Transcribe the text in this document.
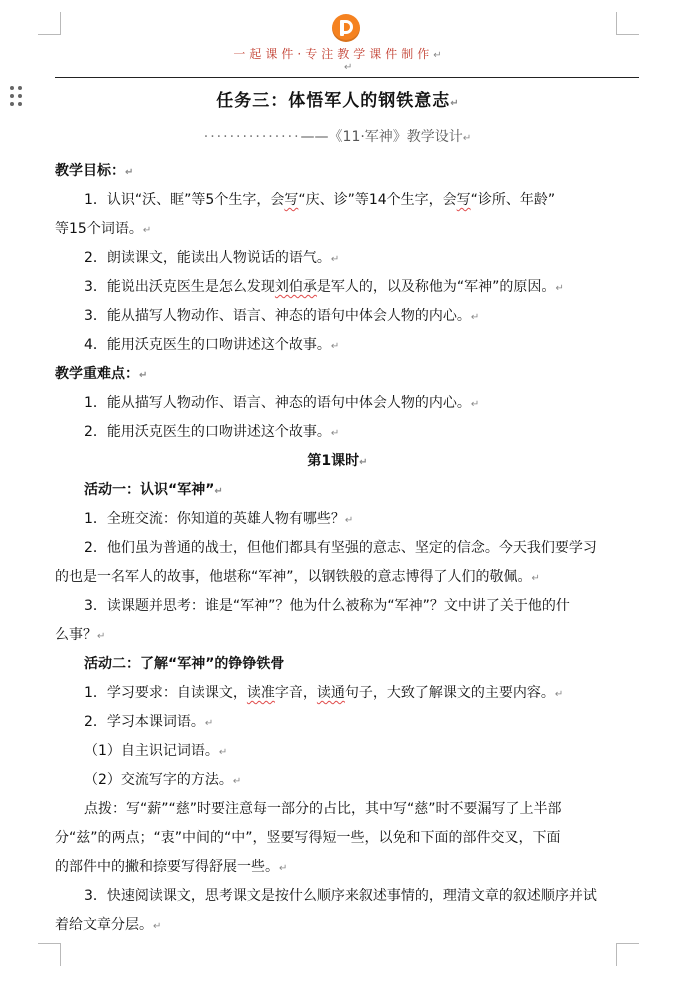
一起课件·专注教学课件制作↵
↵
任务三：体悟军人的钢铁意志↵
···············——《11·军神》教学设计↵
教学目标：↵
1．认识“沃、眶”等5个生字，会写“庆、诊”等14个生字，会写“诊所、年龄”
等15个词语。↵
2．朗读课文，能读出人物说话的语气。↵
3．能说出沃克医生是怎么发现刘伯承是军人的，以及称他为“军神”的原因。↵
3．能从描写人物动作、语言、神态的语句中体会人物的内心。↵
4．能用沃克医生的口吻讲述这个故事。↵
教学重难点：↵
1．能从描写人物动作、语言、神态的语句中体会人物的内心。↵
2．能用沃克医生的口吻讲述这个故事。↵
第1课时↵
活动一：认识“军神”↵
1．全班交流：你知道的英雄人物有哪些？↵
2．他们虽为普通的战士，但他们都具有坚强的意志、坚定的信念。今天我们要学习
的也是一名军人的故事，他堪称“军神”，以钢铁般的意志博得了人们的敬佩。↵
3．读课题并思考：谁是“军神”？他为什么被称为“军神”？文中讲了关于他的什
么事？↵
活动二：了解“军神”的铮铮铁骨
1．学习要求：自读课文，读准字音，读通句子，大致了解课文的主要内容。↵
2．学习本课词语。↵
（1）自主识记词语。↵
（2）交流写字的方法。↵
点拨：写“薪”“慈”时要注意每一部分的占比，其中写“慈”时不要漏写了上半部
分“兹”的两点；“衷”中间的“中”，竖要写得短一些，以免和下面的部件交叉，下面
的部件中的撇和捺要写得舒展一些。↵
3．快速阅读课文，思考课文是按什么顺序来叙述事情的，理清文章的叙述顺序并试
着给文章分层。↵
